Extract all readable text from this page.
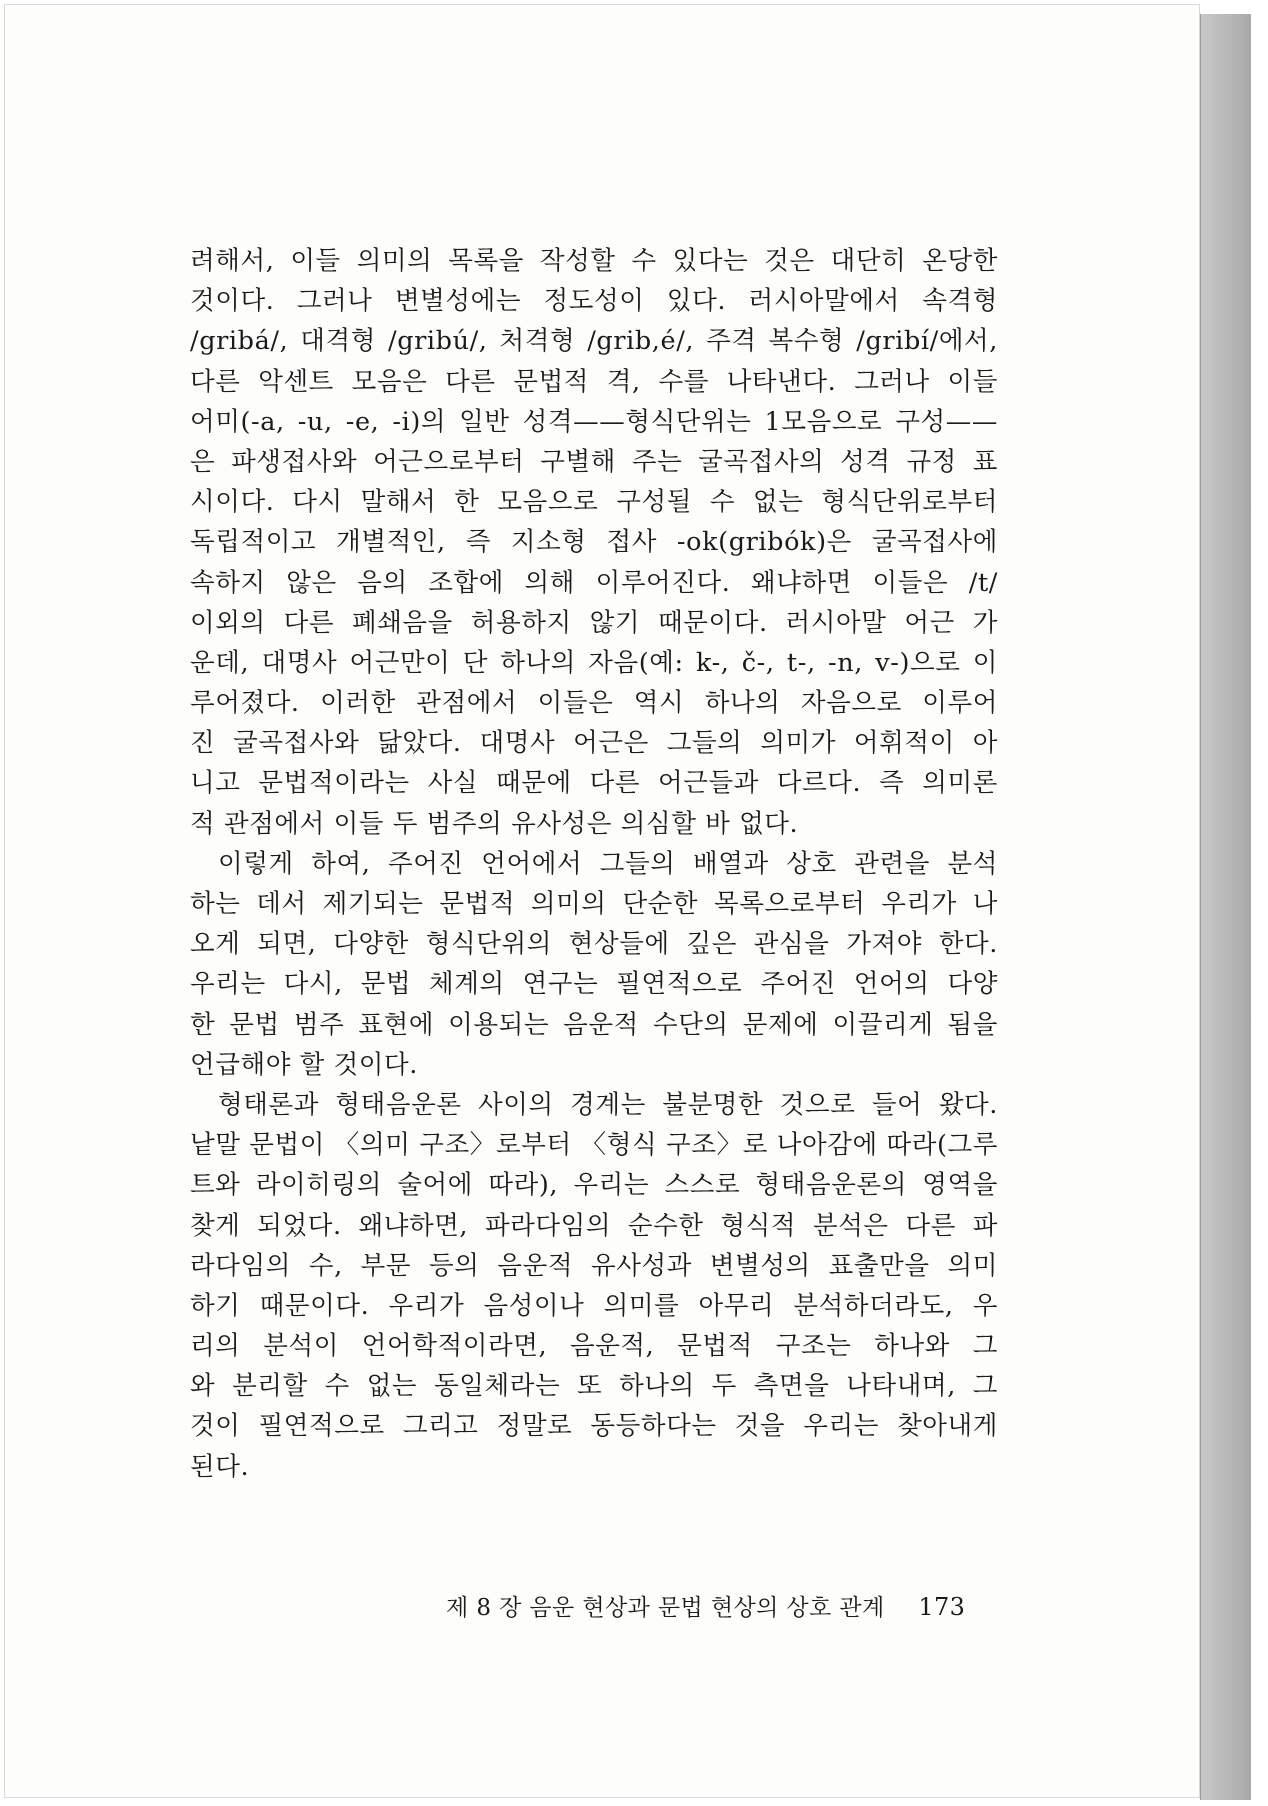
려해서, 이들 의미의 목록을 작성할 수 있다는 것은 대단히 온당한
것이다. 그러나 변별성에는 정도성이 있다. 러시아말에서 속격형
/gribá/, 대격형 /gribú/, 처격형 /grib,é/, 주격 복수형 /gribí/에서,
다른 악센트 모음은 다른 문법적 격, 수를 나타낸다. 그러나 이들
어미(-a, -u, -e, -i)의 일반 성격——형식단위는 1모음으로 구성——
은 파생접사와 어근으로부터 구별해 주는 굴곡접사의 성격 규정 표
시이다. 다시 말해서 한 모음으로 구성될 수 없는 형식단위로부터
독립적이고 개별적인, 즉 지소형 접사 -ok(gribók)은 굴곡접사에
속하지 않은 음의 조합에 의해 이루어진다. 왜냐하면 이들은 /t/
이외의 다른 폐쇄음을 허용하지 않기 때문이다. 러시아말 어근 가
운데, 대명사 어근만이 단 하나의 자음(예: k-, č-, t-, -n, v-)으로 이
루어졌다. 이러한 관점에서 이들은 역시 하나의 자음으로 이루어
진 굴곡접사와 닮았다. 대명사 어근은 그들의 의미가 어휘적이 아
니고 문법적이라는 사실 때문에 다른 어근들과 다르다. 즉 의미론
적 관점에서 이들 두 범주의 유사성은 의심할 바 없다.
이렇게 하여, 주어진 언어에서 그들의 배열과 상호 관련을 분석
하는 데서 제기되는 문법적 의미의 단순한 목록으로부터 우리가 나
오게 되면, 다양한 형식단위의 현상들에 깊은 관심을 가져야 한다.
우리는 다시, 문법 체계의 연구는 필연적으로 주어진 언어의 다양
한 문법 범주 표현에 이용되는 음운적 수단의 문제에 이끌리게 됨을
언급해야 할 것이다.
형태론과 형태음운론 사이의 경계는 불분명한 것으로 들어 왔다.
낱말 문법이 〈의미 구조〉로부터 〈형식 구조〉로 나아감에 따라(그루
트와 라이히링의 술어에 따라), 우리는 스스로 형태음운론의 영역을
찾게 되었다. 왜냐하면, 파라다임의 순수한 형식적 분석은 다른 파
라다임의 수, 부문 등의 음운적 유사성과 변별성의 표출만을 의미
하기 때문이다. 우리가 음성이나 의미를 아무리 분석하더라도, 우
리의 분석이 언어학적이라면, 음운적, 문법적 구조는 하나와 그
와 분리할 수 없는 동일체라는 또 하나의 두 측면을 나타내며, 그
것이 필연적으로 그리고 정말로 동등하다는 것을 우리는 찾아내게
된다.
제 8 장 음운 현상과 문법 현상의 상호 관계 173
